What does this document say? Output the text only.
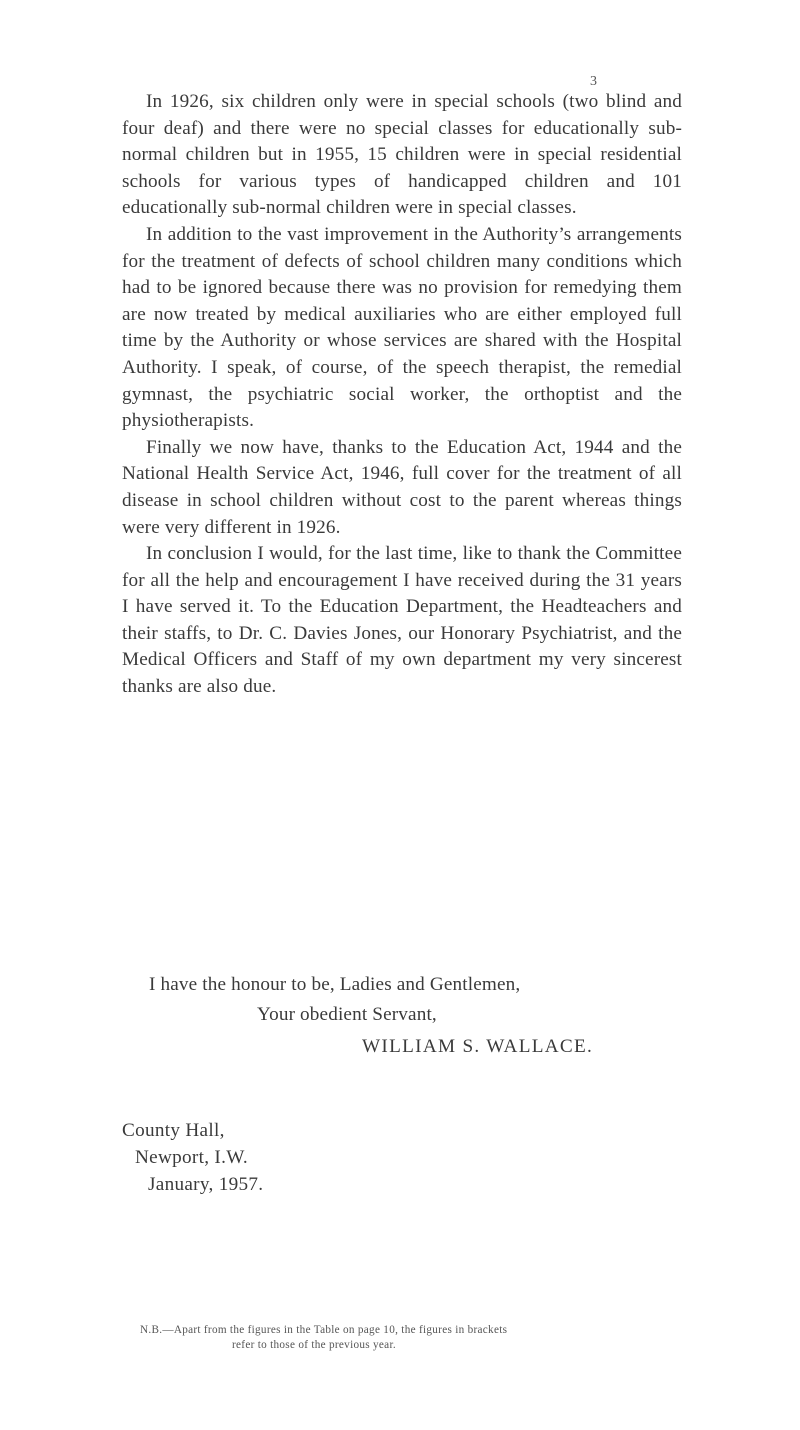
3

In 1926, six children only were in special schools (two blind and four deaf) and there were no special classes for educationally sub-normal children but in 1955, 15 children were in special residential schools for various types of handicapped children and 101 educationally sub-normal children were in special classes.

In addition to the vast improvement in the Authority’s arrangements for the treatment of defects of school children many conditions which had to be ignored because there was no provision for remedying them are now treated by medical auxiliaries who are either employed full time by the Authority or whose services are shared with the Hospital Authority. I speak, of course, of the speech therapist, the remedial gymnast, the psychiatric social worker, the orthoptist and the physiotherapists.

Finally we now have, thanks to the Education Act, 1944 and the National Health Service Act, 1946, full cover for the treatment of all disease in school children without cost to the parent whereas things were very different in 1926.

In conclusion I would, for the last time, like to thank the Committee for all the help and encouragement I have received during the 31 years I have served it. To the Education Department, the Headteachers and their staffs, to Dr. C. Davies Jones, our Honorary Psychiatrist, and the Medical Officers and Staff of my own department my very sincerest thanks are also due.

I have the honour to be, Ladies and Gentlemen,
Your obedient Servant,
WILLIAM S. WALLACE.
County Hall,
Newport, I.W.
January, 1957.
N.B.—Apart from the figures in the Table on page 10, the figures in brackets
refer to those of the previous year.
